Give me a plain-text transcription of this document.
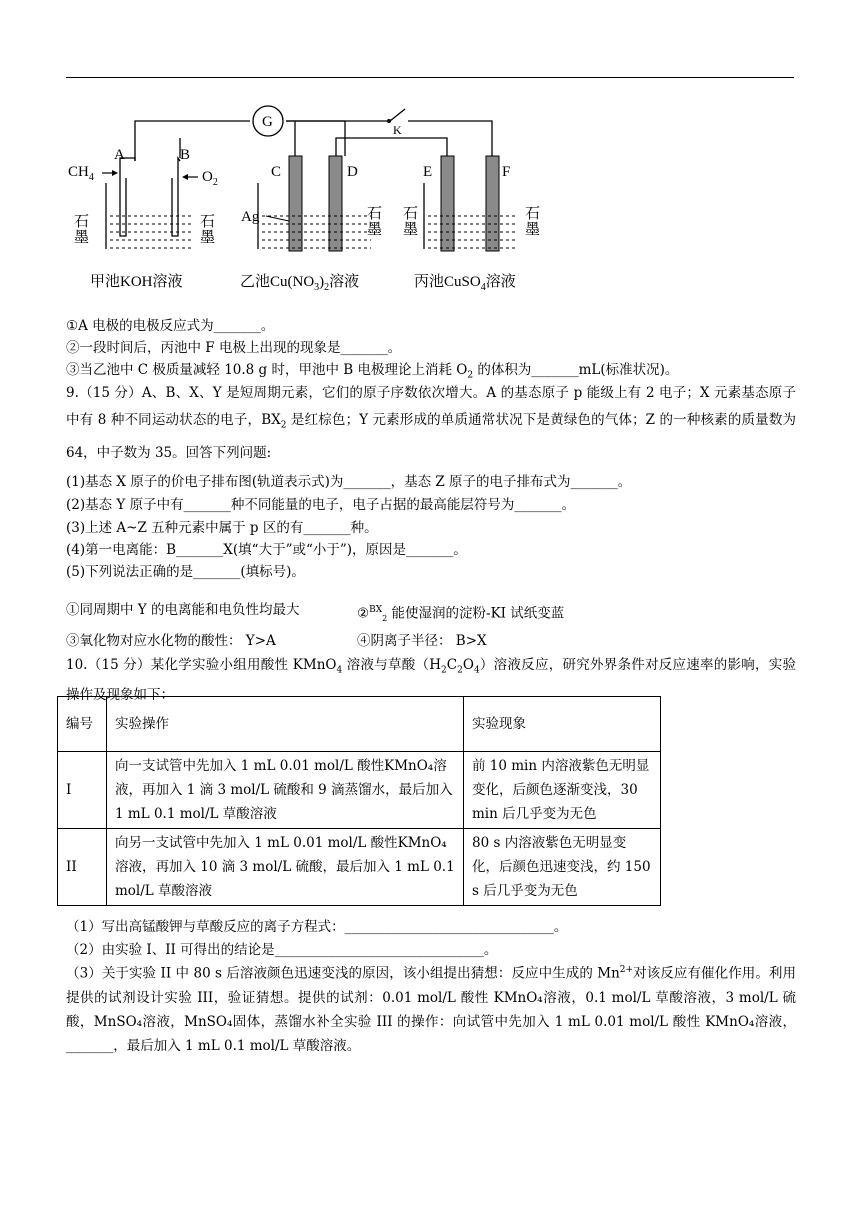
G	K
A	B
$CH_4$	$O_2$
石
墨
石
墨
甲池KOH溶液
C	D
Ag	石
墨
乙池$Cu(NO_3)_2$溶液
E	F
石
墨
石
墨
丙池CuSO$_4$溶液
①A 电极的电极反应式为_______。
②一段时间后，丙池中 F 电极上出现的现象是_______。
③当乙池中 C 极质量减轻 10.8 g 时，甲池中 B 电极理论上消耗 $O_2$ 的体积为_______mL(标准状况)。
9.（15 分）A、B、X、Y 是短周期元素，它们的原子序数依次增大。A 的基态原子 p 能级上有 2 电子；X 元素基态原子中有 8 种不同运动状态的电子，$BX_2$ 是红棕色；Y 元素形成的单质通常状况下是黄绿色的气体；Z 的一种核素的质量数为 64，中子数为 35。回答下列问题:
(1)基态 X 原子的价电子排布图(轨道表示式)为_______，基态 Z 原子的电子排布式为_______。
(2)基态 Y 原子中有_______种不同能量的电子，电子占据的最高能层符号为_______。
(3)上述 A~Z 五种元素中属于 p 区的有_______种。
(4)第一电离能：B_______X(填“大于”或“小于”)，原因是_______。
(5)下列说法正确的是_______(填标号)。
①同周期中 Y 的电离能和电负性均最大	②$^{BX}_2$ 能使湿润的淀粉-KI 试纸变蓝
③氧化物对应水化物的酸性： Y>A	④阴离子半径： B>X
10.（15 分）某化学实验小组用酸性 KMnO$_4$ 溶液与草酸$(H_2C_2O_4)$溶液反应，研究外界条件对反应速率的影响，实验操作及现象如下：
编号	实验操作	实验现象
I	向一支试管中先加入 1 mL 0.01 mol/L 酸性KMnO₄溶液，再加入 1 滴 3 mol/L 硫酸和 9 滴蒸馏水，最后加入 1 mL 0.1 mol/L 草酸溶液	前 10 min 内溶液紫色无明显变化，后颜色逐渐变浅，30 min 后几乎变为无色
II	向另一支试管中先加入 1 mL 0.01 mol/L 酸性KMnO₄溶液，再加入 10 滴 3 mol/L 硫酸，最后加入 1 mL 0.1 mol/L 草酸溶液	80 s 内溶液紫色无明显变化，后颜色迅速变浅，约 150 s 后几乎变为无色
（1）写出高锰酸钾与草酸反应的离子方程式：_______________________________。
（2）由实验 I、II 可得出的结论是_______________________________。
（3）关于实验 II 中 80 s 后溶液颜色迅速变浅的原因，该小组提出猜想：反应中生成的 $Mn^{2+}$对该反应有催化作用。利用提供的试剂设计实验 III，验证猜想。提供的试剂：0.01 mol/L 酸性 KMnO₄溶液，0.1 mol/L 草酸溶液，3 mol/L 硫酸，MnSO₄溶液，MnSO₄固体，蒸馏水补全实验 III 的操作：向试管中先加入 1 mL 0.01 mol/L 酸性 KMnO₄溶液，_______，最后加入 1 mL 0.1 mol/L 草酸溶液。
